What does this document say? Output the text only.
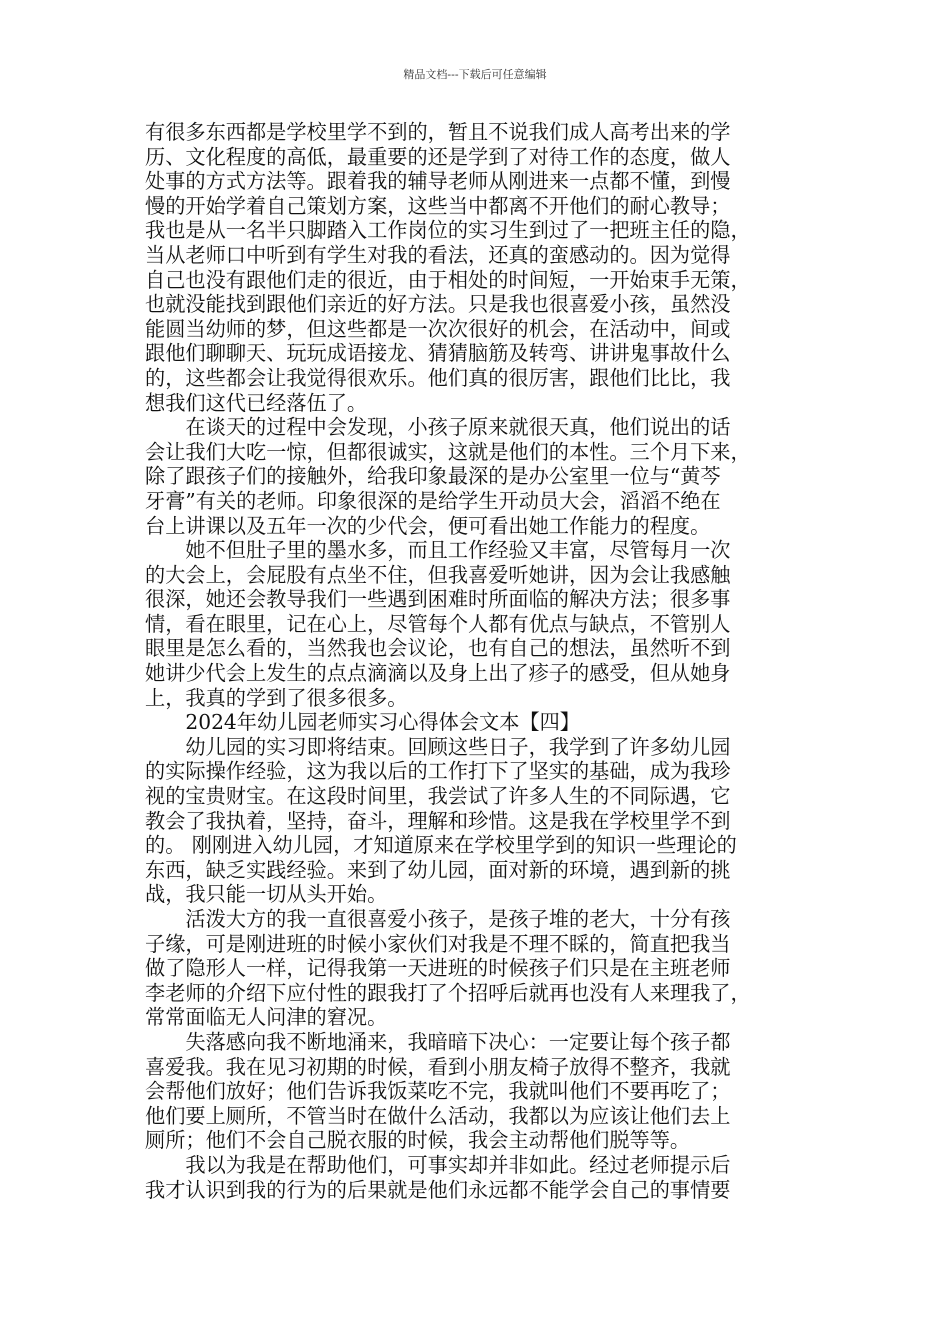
精品文档---下载后可任意编辑
有很多东西都是学校里学不到的，暂且不说我们成人高考出来的学
历、文化程度的高低，最重要的还是学到了对待工作的态度，做人
处事的方式方法等。跟着我的辅导老师从刚进来一点都不懂，到慢
慢的开始学着自己策划方案，这些当中都离不开他们的耐心教导；
我也是从一名半只脚踏入工作岗位的实习生到过了一把班主任的隐，
当从老师口中听到有学生对我的看法，还真的蛮感动的。因为觉得
自己也没有跟他们走的很近，由于相处的时间短，一开始束手无策，
也就没能找到跟他们亲近的好方法。只是我也很喜爱小孩，虽然没
能圆当幼师的梦，但这些都是一次次很好的机会，在活动中，间或
跟他们聊聊天、玩玩成语接龙、猜猜脑筋及转弯、讲讲鬼事故什么
的，这些都会让我觉得很欢乐。他们真的很厉害，跟他们比比，我
想我们这代已经落伍了。
　　在谈天的过程中会发现，小孩子原来就很天真，他们说出的话
会让我们大吃一惊，但都很诚实，这就是他们的本性。三个月下来，
除了跟孩子们的接触外，给我印象最深的是办公室里一位与“黄芩
牙膏”有关的老师。印象很深的是给学生开动员大会，滔滔不绝在
台上讲课以及五年一次的少代会，便可看出她工作能力的程度。
　　她不但肚子里的墨水多，而且工作经验又丰富，尽管每月一次
的大会上，会屁股有点坐不住，但我喜爱听她讲，因为会让我感触
很深，她还会教导我们一些遇到困难时所面临的解决方法；很多事
情，看在眼里，记在心上，尽管每个人都有优点与缺点，不管别人
眼里是怎么看的，当然我也会议论，也有自己的想法，虽然听不到
她讲少代会上发生的点点滴滴以及身上出了疹子的感受，但从她身
上，我真的学到了很多很多。
　　2024年幼儿园老师实习心得体会文本【四】
　　幼儿园的实习即将结束。回顾这些日子，我学到了许多幼儿园
的实际操作经验，这为我以后的工作打下了坚实的基础，成为我珍
视的宝贵财宝。在这段时间里，我尝试了许多人生的不同际遇，它
教会了我执着，坚持，奋斗，理解和珍惜。这是我在学校里学不到
的。 刚刚进入幼儿园，才知道原来在学校里学到的知识一些理论的
东西，缺乏实践经验。来到了幼儿园，面对新的环境，遇到新的挑
战，我只能一切从头开始。
　　活泼大方的我一直很喜爱小孩子，是孩子堆的老大，十分有孩
子缘，可是刚进班的时候小家伙们对我是不理不睬的，简直把我当
做了隐形人一样，记得我第一天进班的时候孩子们只是在主班老师
李老师的介绍下应付性的跟我打了个招呼后就再也没有人来理我了，
常常面临无人问津的窘况。
　　失落感向我不断地涌来，我暗暗下决心：一定要让每个孩子都
喜爱我。我在见习初期的时候，看到小朋友椅子放得不整齐，我就
会帮他们放好；他们告诉我饭菜吃不完，我就叫他们不要再吃了；
他们要上厕所，不管当时在做什么活动，我都以为应该让他们去上
厕所；他们不会自己脱衣服的时候，我会主动帮他们脱等等。
　　我以为我是在帮助他们，可事实却并非如此。经过老师提示后
我才认识到我的行为的后果就是他们永远都不能学会自己的事情要
